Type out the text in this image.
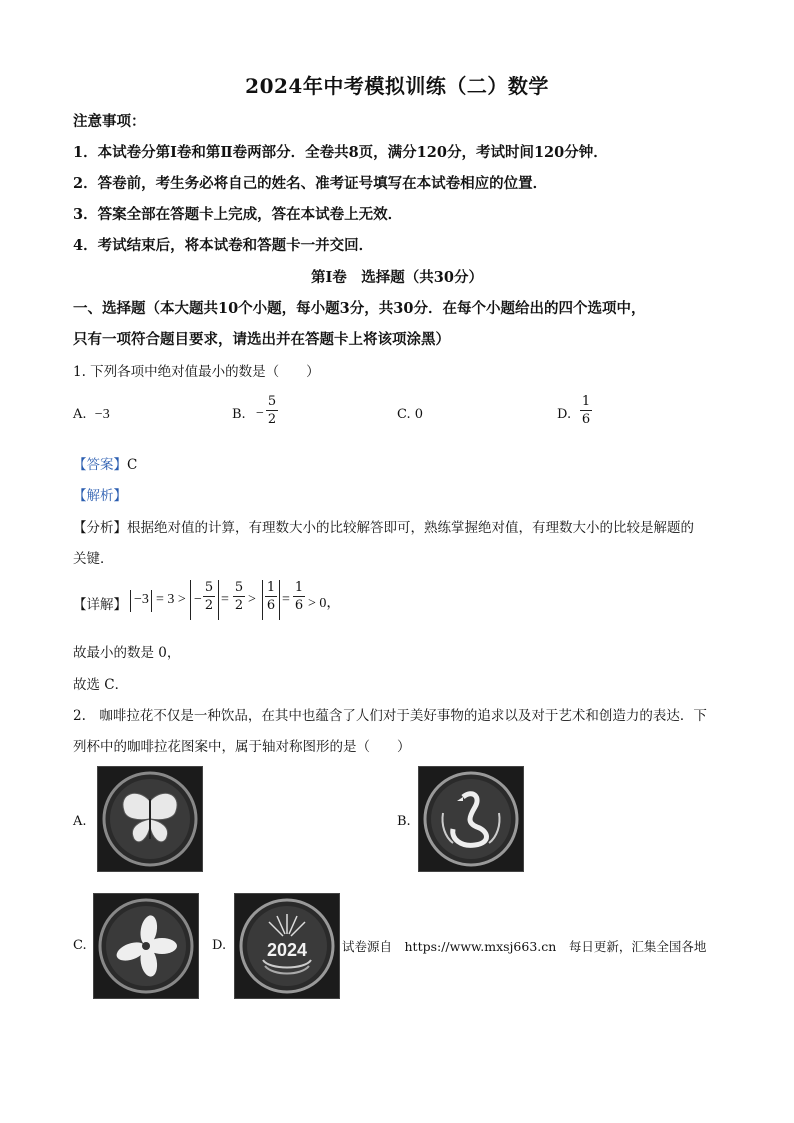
2024年中考模拟训练（二）数学
注意事项：
1．本试卷分第Ⅰ卷和第Ⅱ卷两部分．全卷共8页，满分120分，考试时间120分钟．
2．答卷前，考生务必将自己的姓名、准考证号填写在本试卷相应的位置．
3．答案全部在答题卡上完成，答在本试卷上无效．
4．考试结束后，将本试卷和答题卡一并交回．
第Ⅰ卷　选择题（共30分）
一、选择题（本大题共10个小题，每小题3分，共30分．在每个小题给出的四个选项中，
只有一项符合题目要求，请选出并在答题卡上将该项涂黑）
1. 下列各项中绝对值最小的数是（　　）
A. −3	B. −
5
2	C. 0	D.
1
6
【答案】C
【解析】
【分析】根据绝对值的计算，有理数大小的比较解答即可，熟练掌握绝对值，有理数大小的比较是解题的
关键．
【详解】 −3 = 3 > −
5
2 =
5
2 >
1
6 =
1
6 > 0，
故最小的数是 0，
故选 C．
2.　咖啡拉花不仅是一种饮品，在其中也蕴含了人们对于美好事物的追求以及对于艺术和创造力的表达．下
列杯中的咖啡拉花图案中，属于轴对称图形的是（　　）
A.	B.
C.	D. 2024	试卷源自　https://www.mxsj663.cn　每日更新，汇集全国各地
